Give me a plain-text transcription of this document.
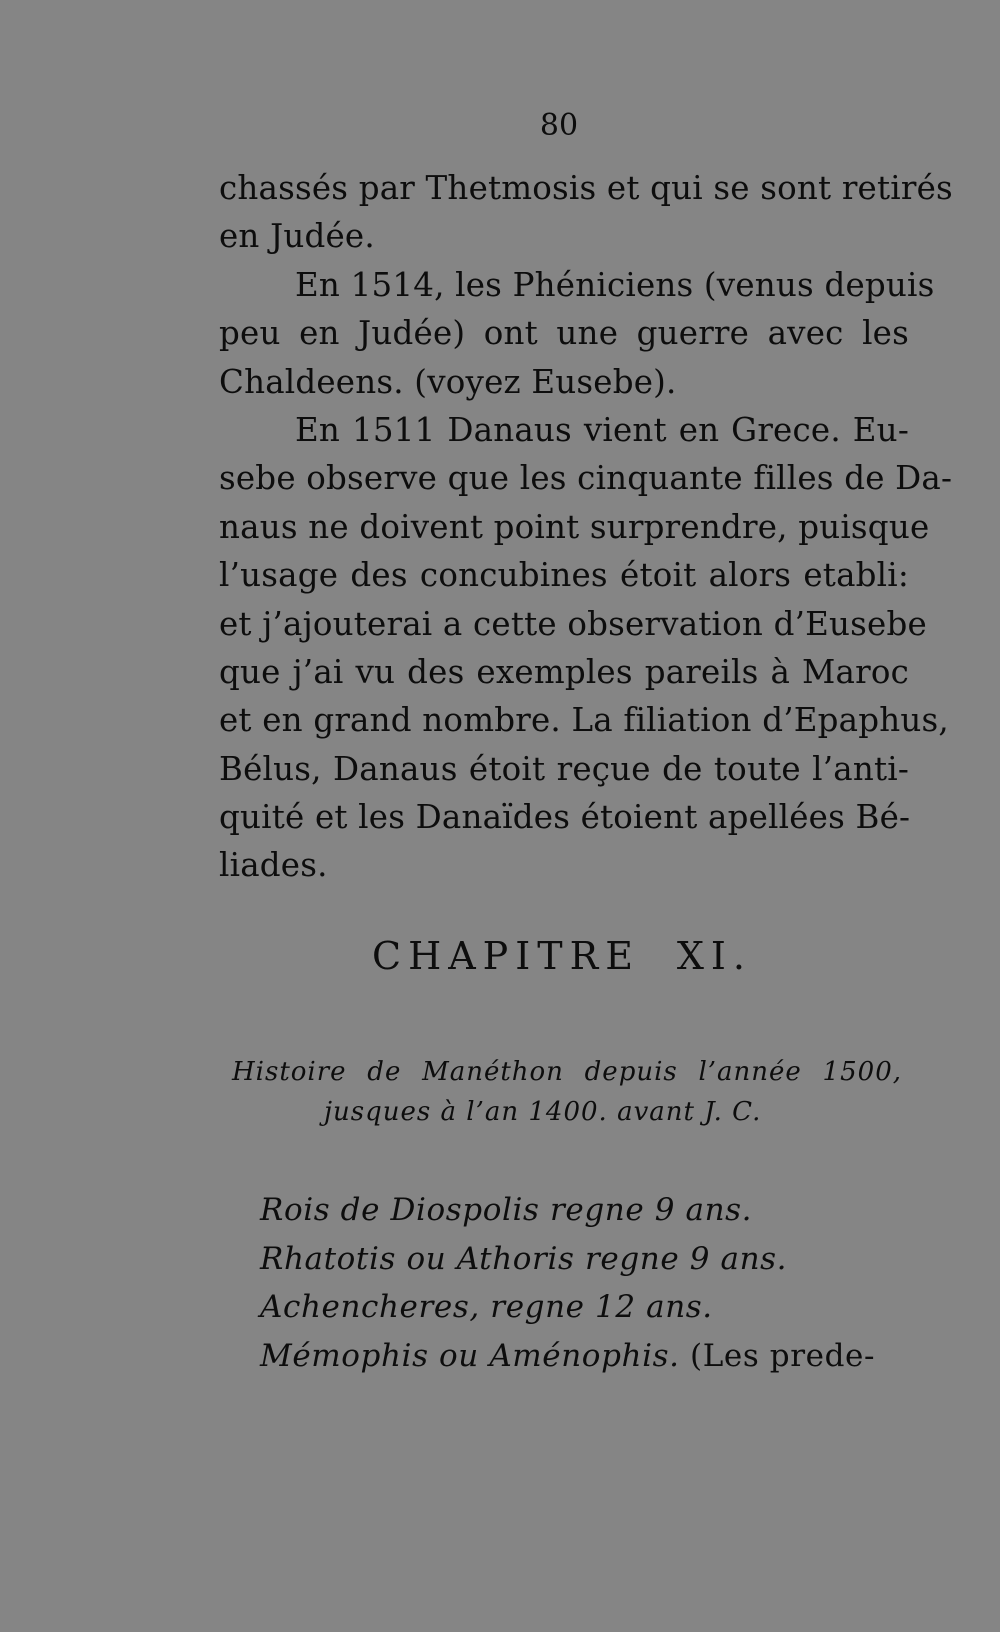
80
chassés par Thetmosis et qui se sont retirés
en Judée.
En 1514, les Phéniciens (venus depuis
peu en Judée) ont une guerre avec les
Chaldeens. (voyez Eusebe).
En 1511 Danaus vient en Grece. Eu-
sebe observe que les cinquante filles de Da-
naus ne doivent point surprendre, puisque
l’usage des concubines étoit alors etabli:
et j’ajouterai a cette observation d’Eusebe
que j’ai vu des exemples pareils à Maroc
et en grand nombre. La filiation d’Epaphus,
Bélus, Danaus étoit reçue de toute l’anti-
quité et les Danaïdes étoient apellées Bé-
liades.
CHAPITRE XI.
Histoire de Manéthon depuis l’année 1500,
jusques à l’an 1400. avant J. C.
Rois de Diospolis regne 9 ans.
Rhatotis ou Athoris regne 9 ans.
Achencheres, regne 12 ans.
Mémophis ou Aménophis. (Les prede-
